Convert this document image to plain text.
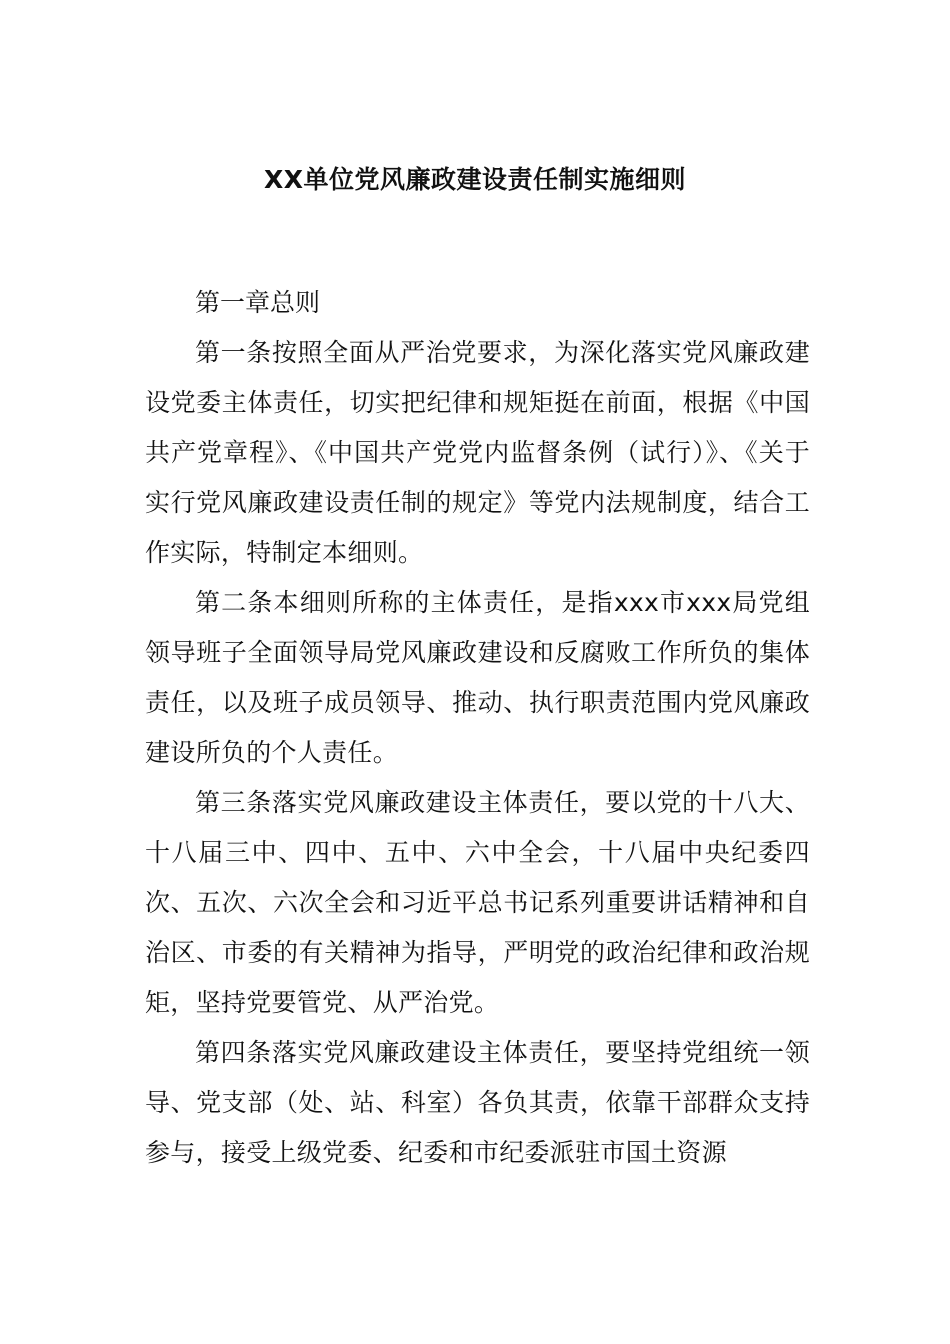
XX单位党风廉政建设责任制实施细则

第一章总则

第一条按照全面从严治党要求，为深化落实党风廉政建设党委主体责任，切实把纪律和规矩挺在前面，根据《中国共产党章程》、《中国共产党党内监督条例（试行）》、《关于实行党风廉政建设责任制的规定》等党内法规制度，结合工作实际，特制定本细则。

第二条本细则所称的主体责任，是指xxx市xxx局党组领导班子全面领导局党风廉政建设和反腐败工作所负的集体责任，以及班子成员领导、推动、执行职责范围内党风廉政建设所负的个人责任。

第三条落实党风廉政建设主体责任，要以党的十八大、十八届三中、四中、五中、六中全会，十八届中央纪委四次、五次、六次全会和习近平总书记系列重要讲话精神和自治区、市委的有关精神为指导，严明党的政治纪律和政治规矩，坚持党要管党、从严治党。

第四条落实党风廉政建设主体责任，要坚持党组统一领导、党支部（处、站、科室）各负其责，依靠干部群众支持参与，接受上级党委、纪委和市纪委派驻市国土资源
